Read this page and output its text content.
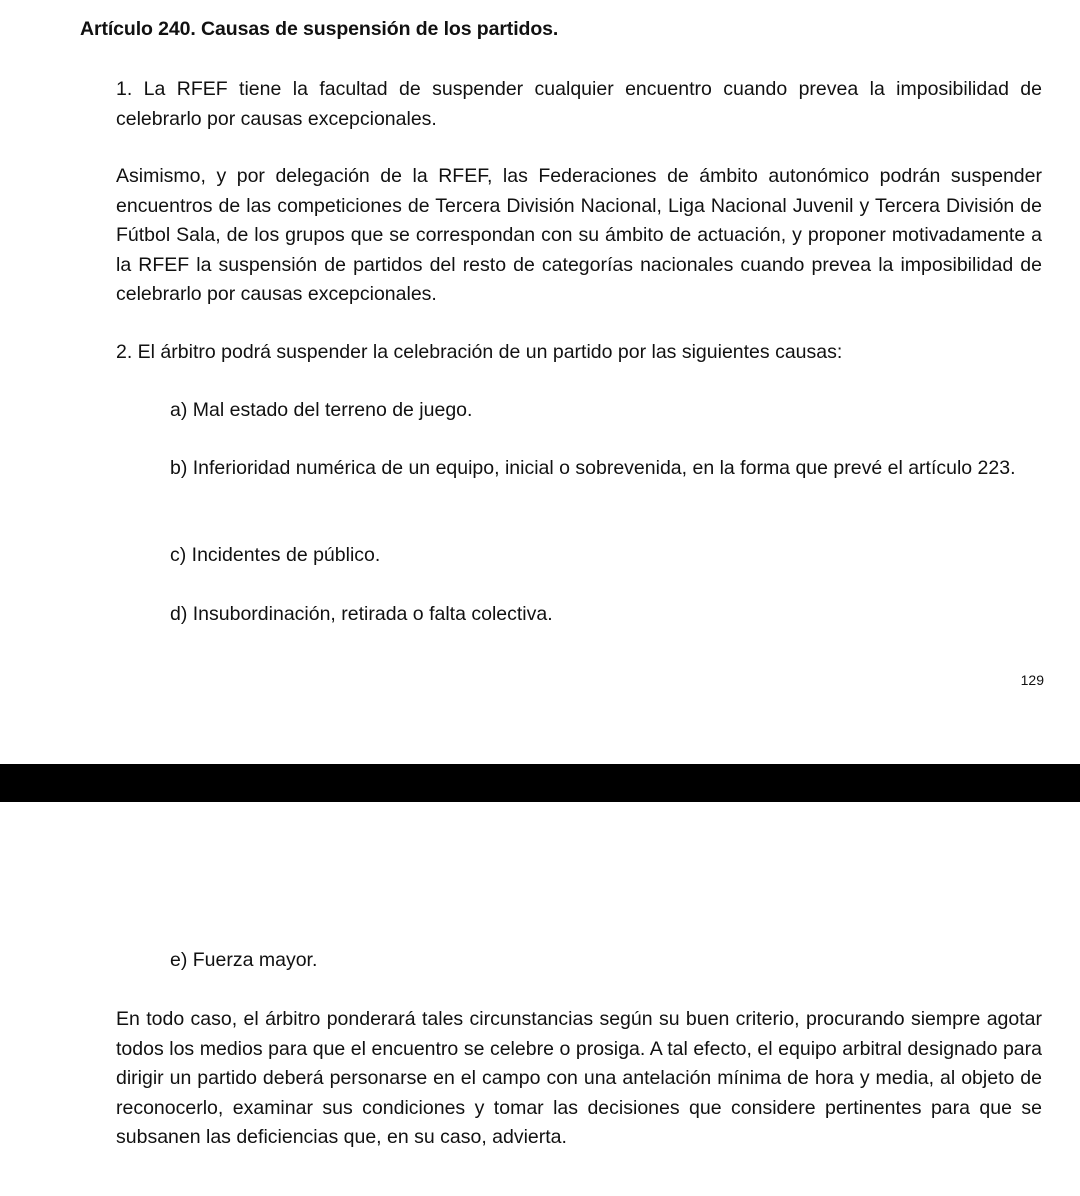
Artículo 240. Causas de suspensión de los partidos.

1. La RFEF tiene la facultad de suspender cualquier encuentro cuando prevea la imposibilidad de celebrarlo por causas excepcionales.

Asimismo, y por delegación de la RFEF, las Federaciones de ámbito autonómico podrán suspender encuentros de las competiciones de Tercera División Nacional, Liga Nacional Juvenil y Tercera División de Fútbol Sala, de los grupos que se correspondan con su ámbito de actuación, y proponer motivadamente a la RFEF la suspensión de partidos del resto de categorías nacionales cuando prevea la imposibilidad de celebrarlo por causas excepcionales.

2. El árbitro podrá suspender la celebración de un partido por las siguientes causas:

a) Mal estado del terreno de juego.

b) Inferioridad numérica de un equipo, inicial o sobrevenida, en la forma que prevé el artículo 223.

c) Incidentes de público.

d) Insubordinación, retirada o falta colectiva.

129

e) Fuerza mayor.

En todo caso, el árbitro ponderará tales circunstancias según su buen criterio, procurando siempre agotar todos los medios para que el encuentro se celebre o prosiga. A tal efecto, el equipo arbitral designado para dirigir un partido deberá personarse en el campo con una antelación mínima de hora y media, al objeto de reconocerlo, examinar sus condiciones y tomar las decisiones que considere pertinentes para que se subsanen las deficiencias que, en su caso, advierta.
